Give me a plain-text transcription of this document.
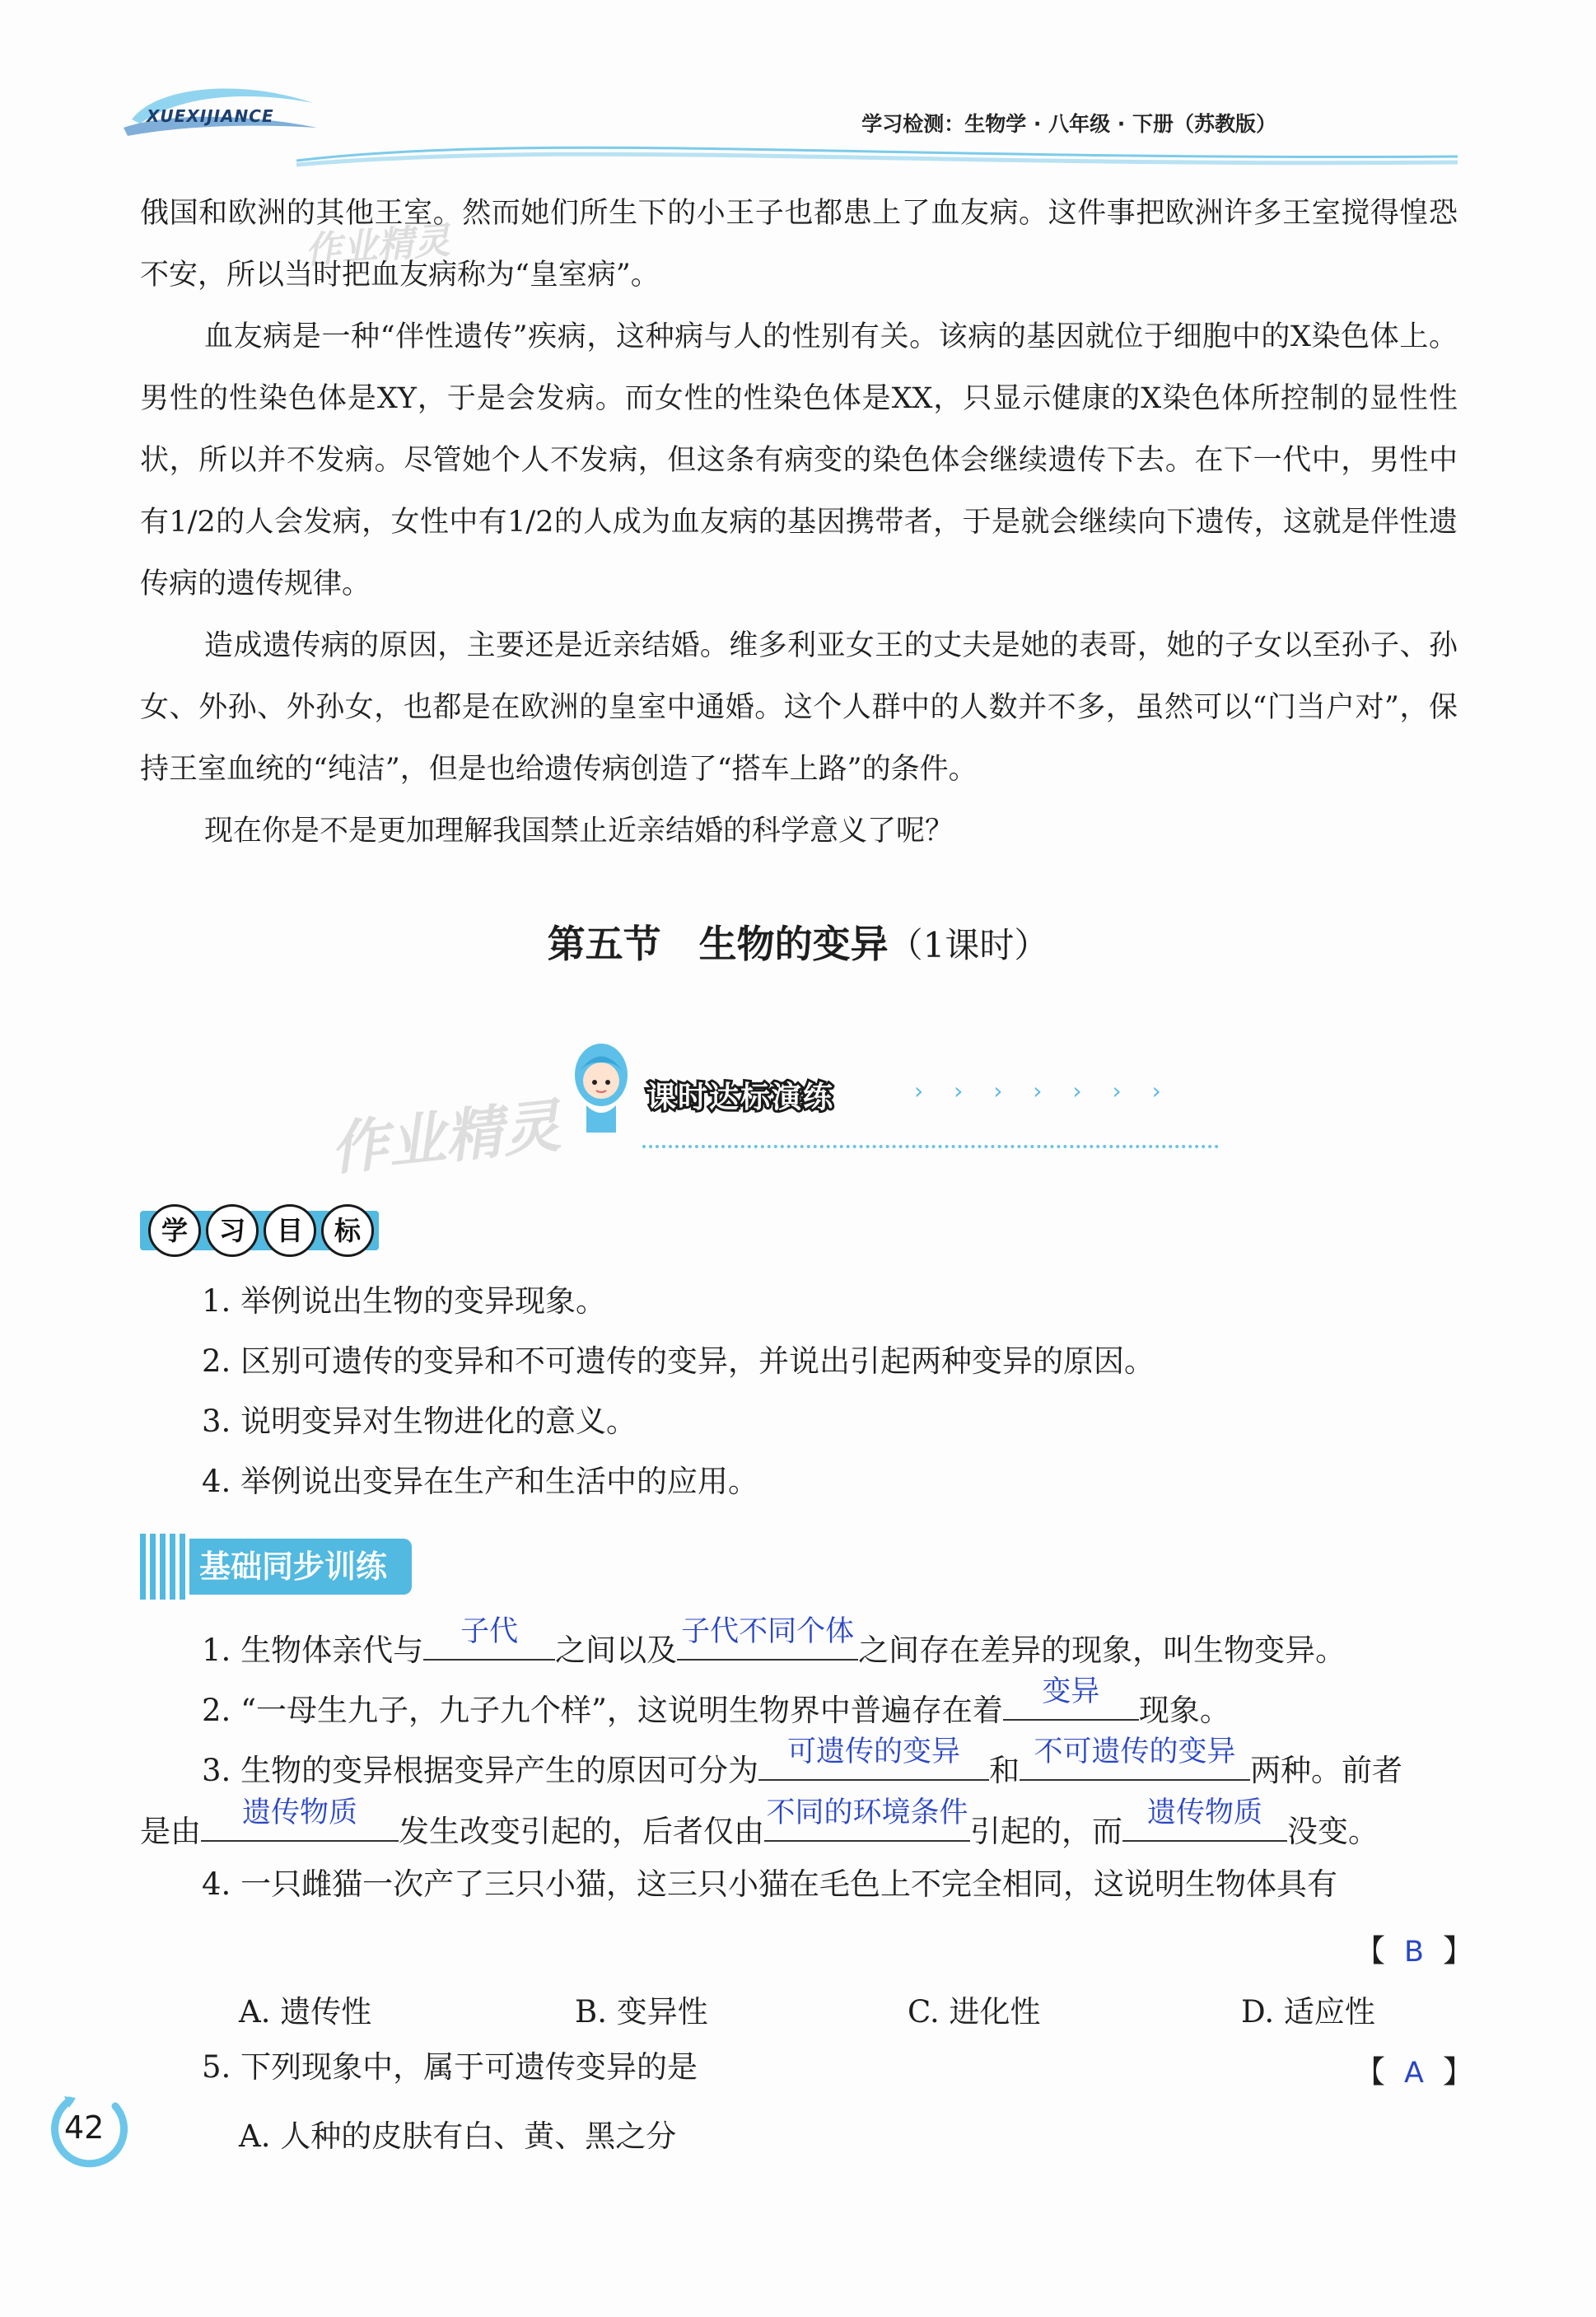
XUEXIJIANCE	学习检测：生物学 · 八年级 · 下册（苏教版）

俄国和欧洲的其他王室。然而她们所生下的小王子也都患上了血友病。这件事把欧洲许多王室搅得惶恐不安，所以当时把血友病称为“皇室病”。

血友病是一种“伴性遗传”疾病，这种病与人的性别有关。该病的基因就位于细胞中的X染色体上。男性的性染色体是XY，于是会发病。而女性的性染色体是XX，只显示健康的X染色体所控制的显性性状，所以并不发病。尽管她个人不发病，但这条有病变的染色体会继续遗传下去。在下一代中，男性中有1/2的人会发病，女性中有1/2的人成为血友病的基因携带者，于是就会继续向下遗传，这就是伴性遗传病的遗传规律。

造成遗传病的原因，主要还是近亲结婚。维多利亚女王的丈夫是她的表哥，她的子女以至孙子、孙女、外孙、外孙女，也都是在欧洲的皇室中通婚。这个人群中的人数并不多，虽然可以“门当户对”，保持王室血统的“纯洁”，但是也给遗传病创造了“搭车上路”的条件。

现在你是不是更加理解我国禁止近亲结婚的科学意义了呢？

第五节　生物的变异（1课时）
作业精灵
作业精灵	课时达标演练	› › › › › › ›
学	习	目	标
1. 举例说出生物的变异现象。
2. 区别可遗传的变异和不可遗传的变异，并说出引起两种变异的原因。
3. 说明变异对生物进化的意义。
4. 举例说出变异在生产和生活中的应用。
基础同步训练
1. 生物体亲代与
子代
之间以及
子代不同个体
之间存在差异的现象，叫生物变异。
2. “一母生九子，九子九个样”，这说明生物界中普遍存在着
变异
现象。
3. 生物的变异根据变异产生的原因可分为
可遗传的变异
和
不可遗传的变异
两种。前者
是由
遗传物质
发生改变引起的，后者仅由
不同的环境条件
引起的，而
遗传物质
没变。
4. 一只雌猫一次产了三只小猫，这三只小猫在毛色上不完全相同，这说明生物体具有
【 B 】
A. 遗传性	B. 变异性	C. 进化性	D. 适应性
5. 下列现象中，属于可遗传变异的是	【 A 】
A. 人种的皮肤有白、黄、黑之分
42
